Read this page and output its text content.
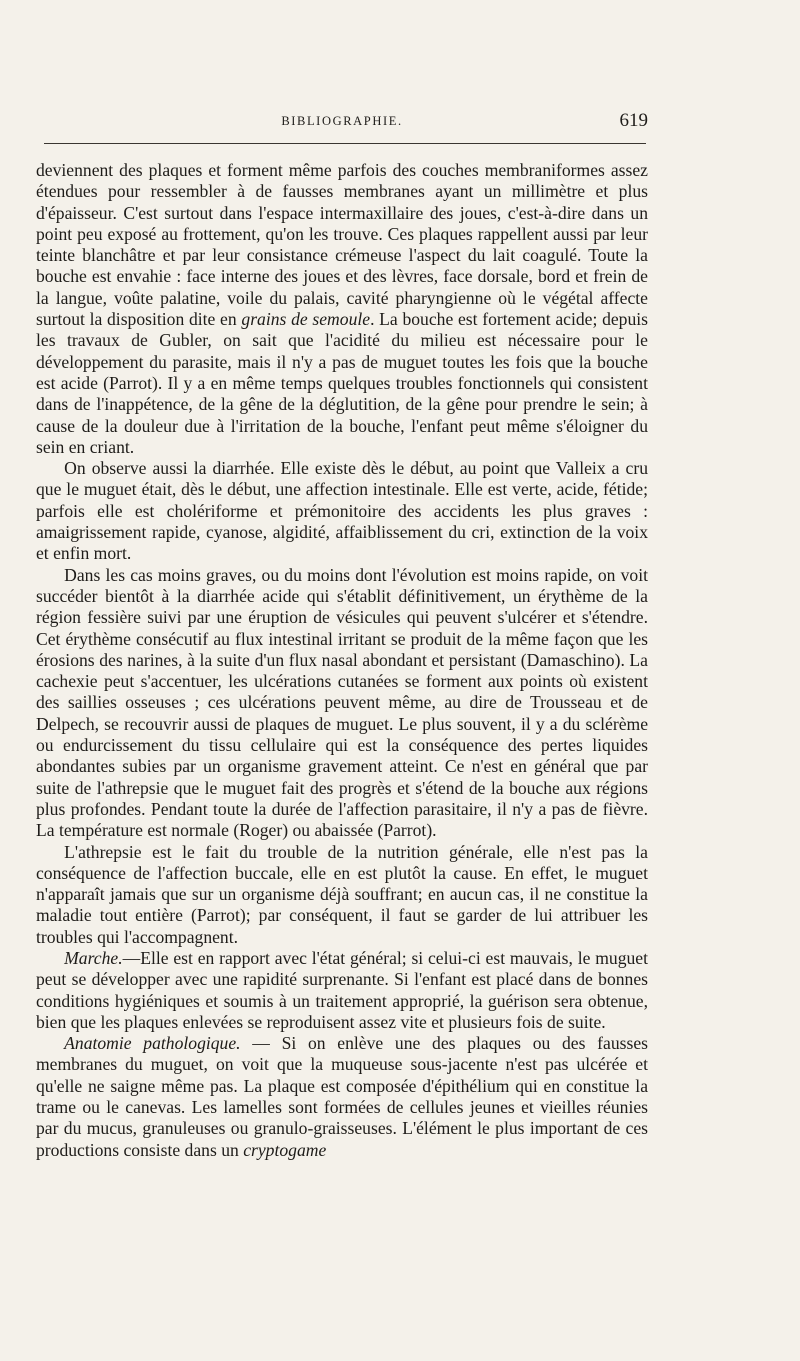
BIBLIOGRAPHIE.	619

deviennent des plaques et forment même parfois des couches membraniformes assez étendues pour ressembler à de fausses membranes ayant un millimètre et plus d'épaisseur. C'est surtout dans l'espace intermaxillaire des joues, c'est-à-dire dans un point peu exposé au frottement, qu'on les trouve. Ces plaques rappellent aussi par leur teinte blanchâtre et par leur consistance crémeuse l'aspect du lait coagulé. Toute la bouche est envahie : face interne des joues et des lèvres, face dorsale, bord et frein de la langue, voûte palatine, voile du palais, cavité pharyngienne où le végétal affecte surtout la disposition dite en grains de semoule. La bouche est fortement acide; depuis les travaux de Gubler, on sait que l'acidité du milieu est nécessaire pour le développement du parasite, mais il n'y a pas de muguet toutes les fois que la bouche est acide (Parrot). Il y a en même temps quelques troubles fonctionnels qui consistent dans de l'inappétence, de la gêne de la déglutition, de la gêne pour prendre le sein; à cause de la douleur due à l'irritation de la bouche, l'enfant peut même s'éloigner du sein en criant.

On observe aussi la diarrhée. Elle existe dès le début, au point que Valleix a cru que le muguet était, dès le début, une affection intestinale. Elle est verte, acide, fétide; parfois elle est cholériforme et prémonitoire des accidents les plus graves : amaigrissement rapide, cyanose, algidité, affaiblissement du cri, extinction de la voix et enfin mort.

Dans les cas moins graves, ou du moins dont l'évolution est moins rapide, on voit succéder bientôt à la diarrhée acide qui s'établit définitivement, un érythème de la région fessière suivi par une éruption de vésicules qui peuvent s'ulcérer et s'étendre. Cet érythème consécutif au flux intestinal irritant se produit de la même façon que les érosions des narines, à la suite d'un flux nasal abondant et persistant (Damaschino). La cachexie peut s'accentuer, les ulcérations cutanées se forment aux points où existent des saillies osseuses ; ces ulcérations peuvent même, au dire de Trousseau et de Delpech, se recouvrir aussi de plaques de muguet. Le plus souvent, il y a du sclérème ou endurcissement du tissu cellulaire qui est la conséquence des pertes liquides abondantes subies par un organisme gravement atteint. Ce n'est en général que par suite de l'athrepsie que le muguet fait des progrès et s'étend de la bouche aux régions plus profondes. Pendant toute la durée de l'affection parasitaire, il n'y a pas de fièvre. La température est normale (Roger) ou abaissée (Parrot).

L'athrepsie est le fait du trouble de la nutrition générale, elle n'est pas la conséquence de l'affection buccale, elle en est plutôt la cause. En effet, le muguet n'apparaît jamais que sur un organisme déjà souffrant; en aucun cas, il ne constitue la maladie tout entière (Parrot); par conséquent, il faut se garder de lui attribuer les troubles qui l'accompagnent.

Marche.—Elle est en rapport avec l'état général; si celui-ci est mauvais, le muguet peut se développer avec une rapidité surprenante. Si l'enfant est placé dans de bonnes conditions hygiéniques et soumis à un traitement approprié, la guérison sera obtenue, bien que les plaques enlevées se reproduisent assez vite et plusieurs fois de suite.

Anatomie pathologique. — Si on enlève une des plaques ou des fausses membranes du muguet, on voit que la muqueuse sous-jacente n'est pas ulcérée et qu'elle ne saigne même pas. La plaque est composée d'épithélium qui en constitue la trame ou le canevas. Les lamelles sont formées de cellules jeunes et vieilles réunies par du mucus, granuleuses ou granulo-graisseuses. L'élément le plus important de ces productions consiste dans un cryptogame
